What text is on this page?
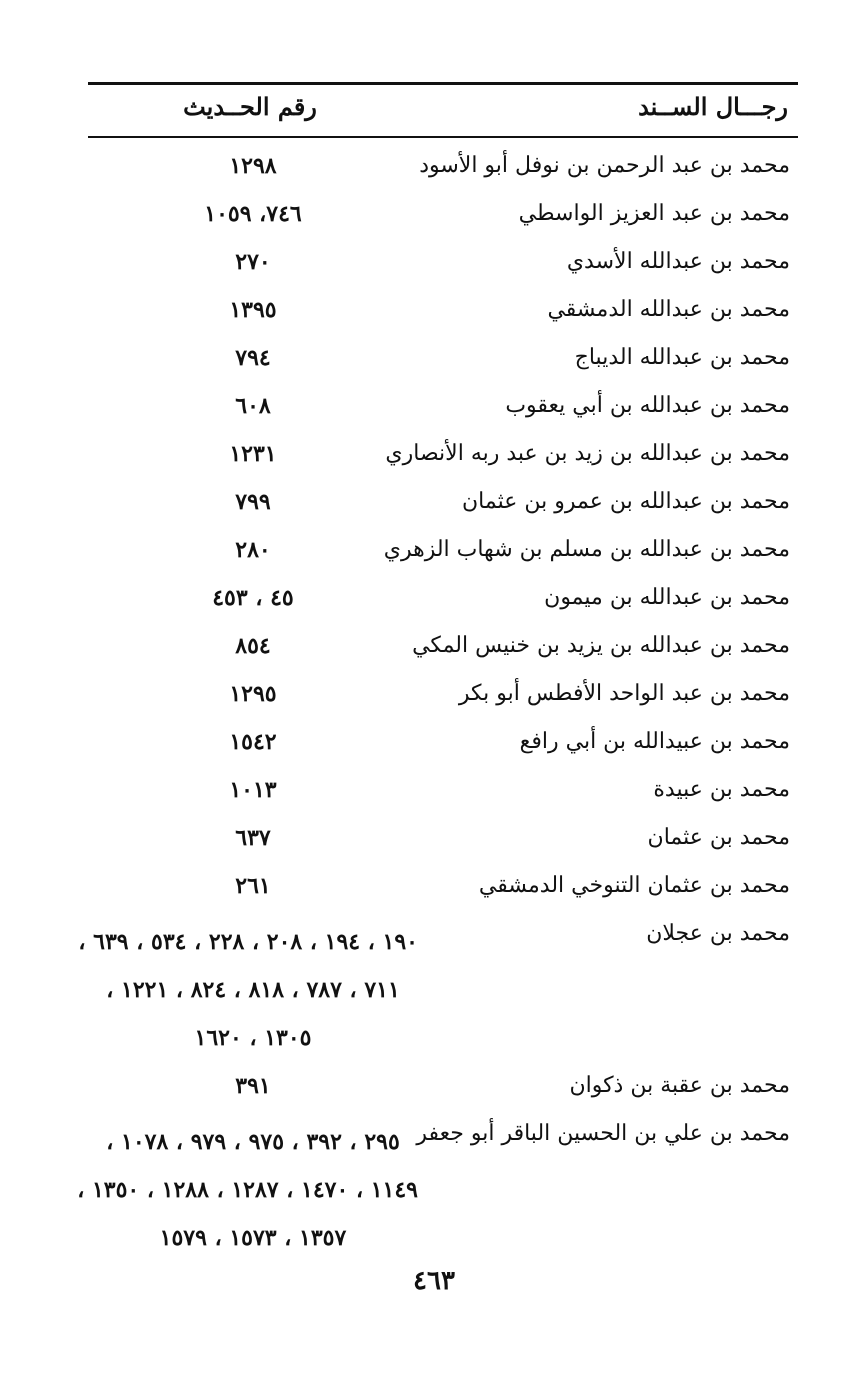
رجـــال الســند
رقم الحــديث
محمد بن عبد الرحمن بن نوفل أبو الأسود
١٢٩٨
محمد بن عبد العزيز الواسطي
٧٤٦، ١٠٥٩
محمد بن عبدالله الأسدي
٢٧٠
محمد بن عبدالله الدمشقي
١٣٩٥
محمد بن عبدالله الديباج
٧٩٤
محمد بن عبدالله بن أبي يعقوب
٦٠٨
محمد بن عبدالله بن زيد بن عبد ربه الأنصاري
١٢٣١
محمد بن عبدالله بن عمرو بن عثمان
٧٩٩
محمد بن عبدالله بن مسلم بن شهاب الزهري
٢٨٠
محمد بن عبدالله بن ميمون
٤٥ ، ٤٥٣
محمد بن عبدالله بن يزيد بن خنيس المكي
٨٥٤
محمد بن عبد الواحد الأفطس أبو بكر
١٢٩٥
محمد بن عبيدالله بن أبي رافع
١٥٤٢
محمد بن عبيدة
١٠١٣
محمد بن عثمان
٦٣٧
محمد بن عثمان التنوخي الدمشقي
٢٦١
محمد بن عجلان
١٩٠ ، ١٩٤ ، ٢٠٨ ، ٢٢٨ ، ٥٣٤ ، ٦٣٩ ،
٧١١ ، ٧٨٧ ، ٨١٨ ، ٨٢٤ ، ١٢٢١ ،
١٣٠٥ ، ١٦٢٠
محمد بن عقبة بن ذكوان
٣٩١
محمد بن علي بن الحسين الباقر أبو جعفر
٢٩٥ ، ٣٩٢ ، ٩٧٥ ، ٩٧٩ ، ١٠٧٨ ،
١١٤٩ ، ١٤٧٠ ، ١٢٨٧ ، ١٢٨٨ ، ١٣٥٠ ،
١٣٥٧ ، ١٥٧٣ ، ١٥٧٩
٤٦٣
